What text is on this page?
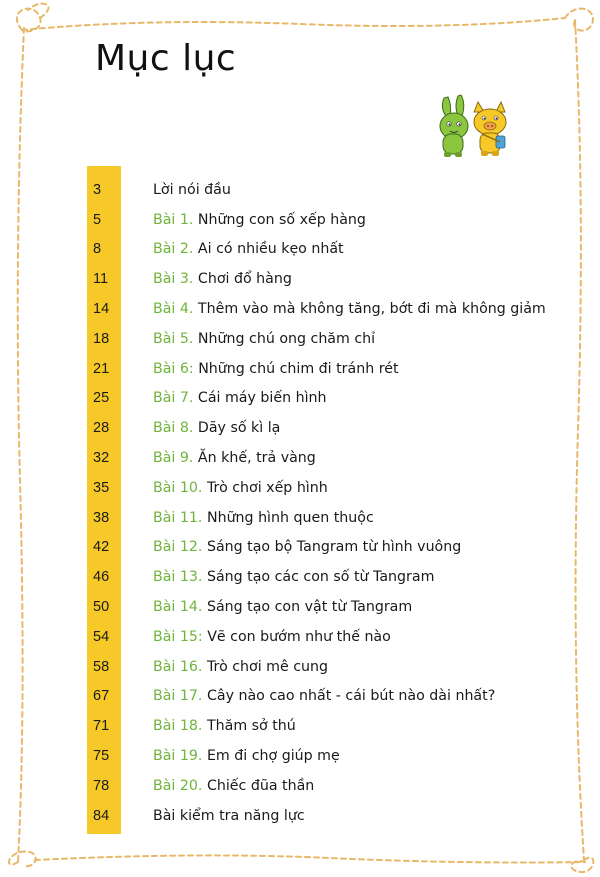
Mục lục
3	Lời nói đầu
5	Bài 1. Những con số xếp hàng
8	Bài 2. Ai có nhiều kẹo nhất
11	Bài 3. Chơi đổ hàng
14	Bài 4. Thêm vào mà không tăng, bớt đi mà không giảm
18	Bài 5. Những chú ong chăm chỉ
21	Bài 6: Những chú chim đi tránh rét
25	Bài 7. Cái máy biến hình
28	Bài 8. Dãy số kì lạ
32	Bài 9. Ăn khế, trả vàng
35	Bài 10. Trò chơi xếp hình
38	Bài 11. Những hình quen thuộc
42	Bài 12. Sáng tạo bộ Tangram từ hình vuông
46	Bài 13. Sáng tạo các con số từ Tangram
50	Bài 14. Sáng tạo con vật từ Tangram
54	Bài 15: Vẽ con bướm như thế nào
58	Bài 16. Trò chơi mê cung
67	Bài 17. Cây nào cao nhất - cái bút nào dài nhất?
71	Bài 18. Thăm sở thú
75	Bài 19. Em đi chợ giúp mẹ
78	Bài 20. Chiếc đũa thần
84	Bài kiểm tra năng lực
